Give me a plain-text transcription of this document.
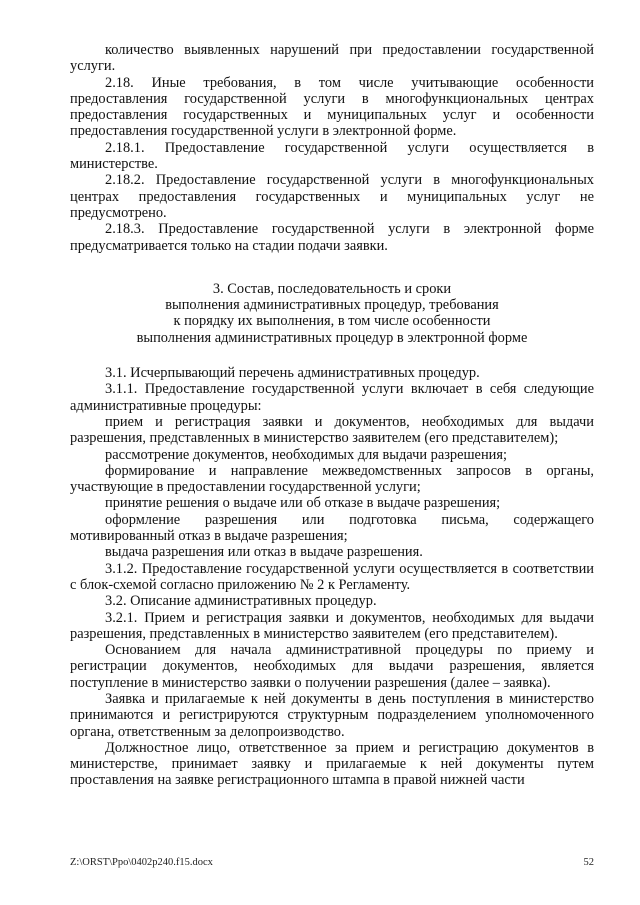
количество выявленных нарушений при предоставлении государственной услуги.

2.18. Иные требования, в том числе учитывающие особенности предоставления государственной услуги в многофункциональных центрах предоставления государственных и муниципальных услуг и особенности предоставления государственной услуги в электронной форме.

2.18.1. Предоставление государственной услуги осуществляется в министерстве.

2.18.2. Предоставление государственной услуги в многофункциональных центрах предоставления государственных и муниципальных услуг не предусмотрено.

2.18.3. Предоставление государственной услуги в электронной форме предусматривается только на стадии подачи заявки.

3. Состав, последовательность и сроки
выполнения административных процедур, требования
к порядку их выполнения, в том числе особенности
выполнения административных процедур в электронной форме

3.1. Исчерпывающий перечень административных процедур.

3.1.1. Предоставление государственной услуги включает в себя следующие административные процедуры:

прием и регистрация заявки и документов, необходимых для выдачи разрешения, представленных в министерство заявителем (его представителем);

рассмотрение документов, необходимых для выдачи разрешения;

формирование и направление межведомственных запросов в органы, участвующие в предоставлении государственной услуги;

принятие решения о выдаче или об отказе в выдаче разрешения;

оформление разрешения или подготовка письма, содержащего мотивированный отказ в выдаче разрешения;

выдача разрешения или отказ в выдаче разрешения.

3.1.2. Предоставление государственной услуги осуществляется в соответствии с блок-схемой согласно приложению № 2 к Регламенту.

3.2. Описание административных процедур.

3.2.1. Прием и регистрация заявки и документов, необходимых для выдачи разрешения, представленных в министерство заявителем (его представителем).

Основанием для начала административной процедуры по приему и регистрации документов, необходимых для выдачи разрешения, является поступление в министерство заявки о получении разрешения (далее – заявка).

Заявка и прилагаемые к ней документы в день поступления в министерство принимаются и регистрируются структурным подразделением уполномоченного органа, ответственным за делопроизводство.

Должностное лицо, ответственное за прием и регистрацию документов в министерстве, принимает заявку и прилагаемые к ней документы путем проставления на заявке регистрационного штампа в правой нижней части

Z:\ORST\Ppo\0402p240.f15.docx	52
